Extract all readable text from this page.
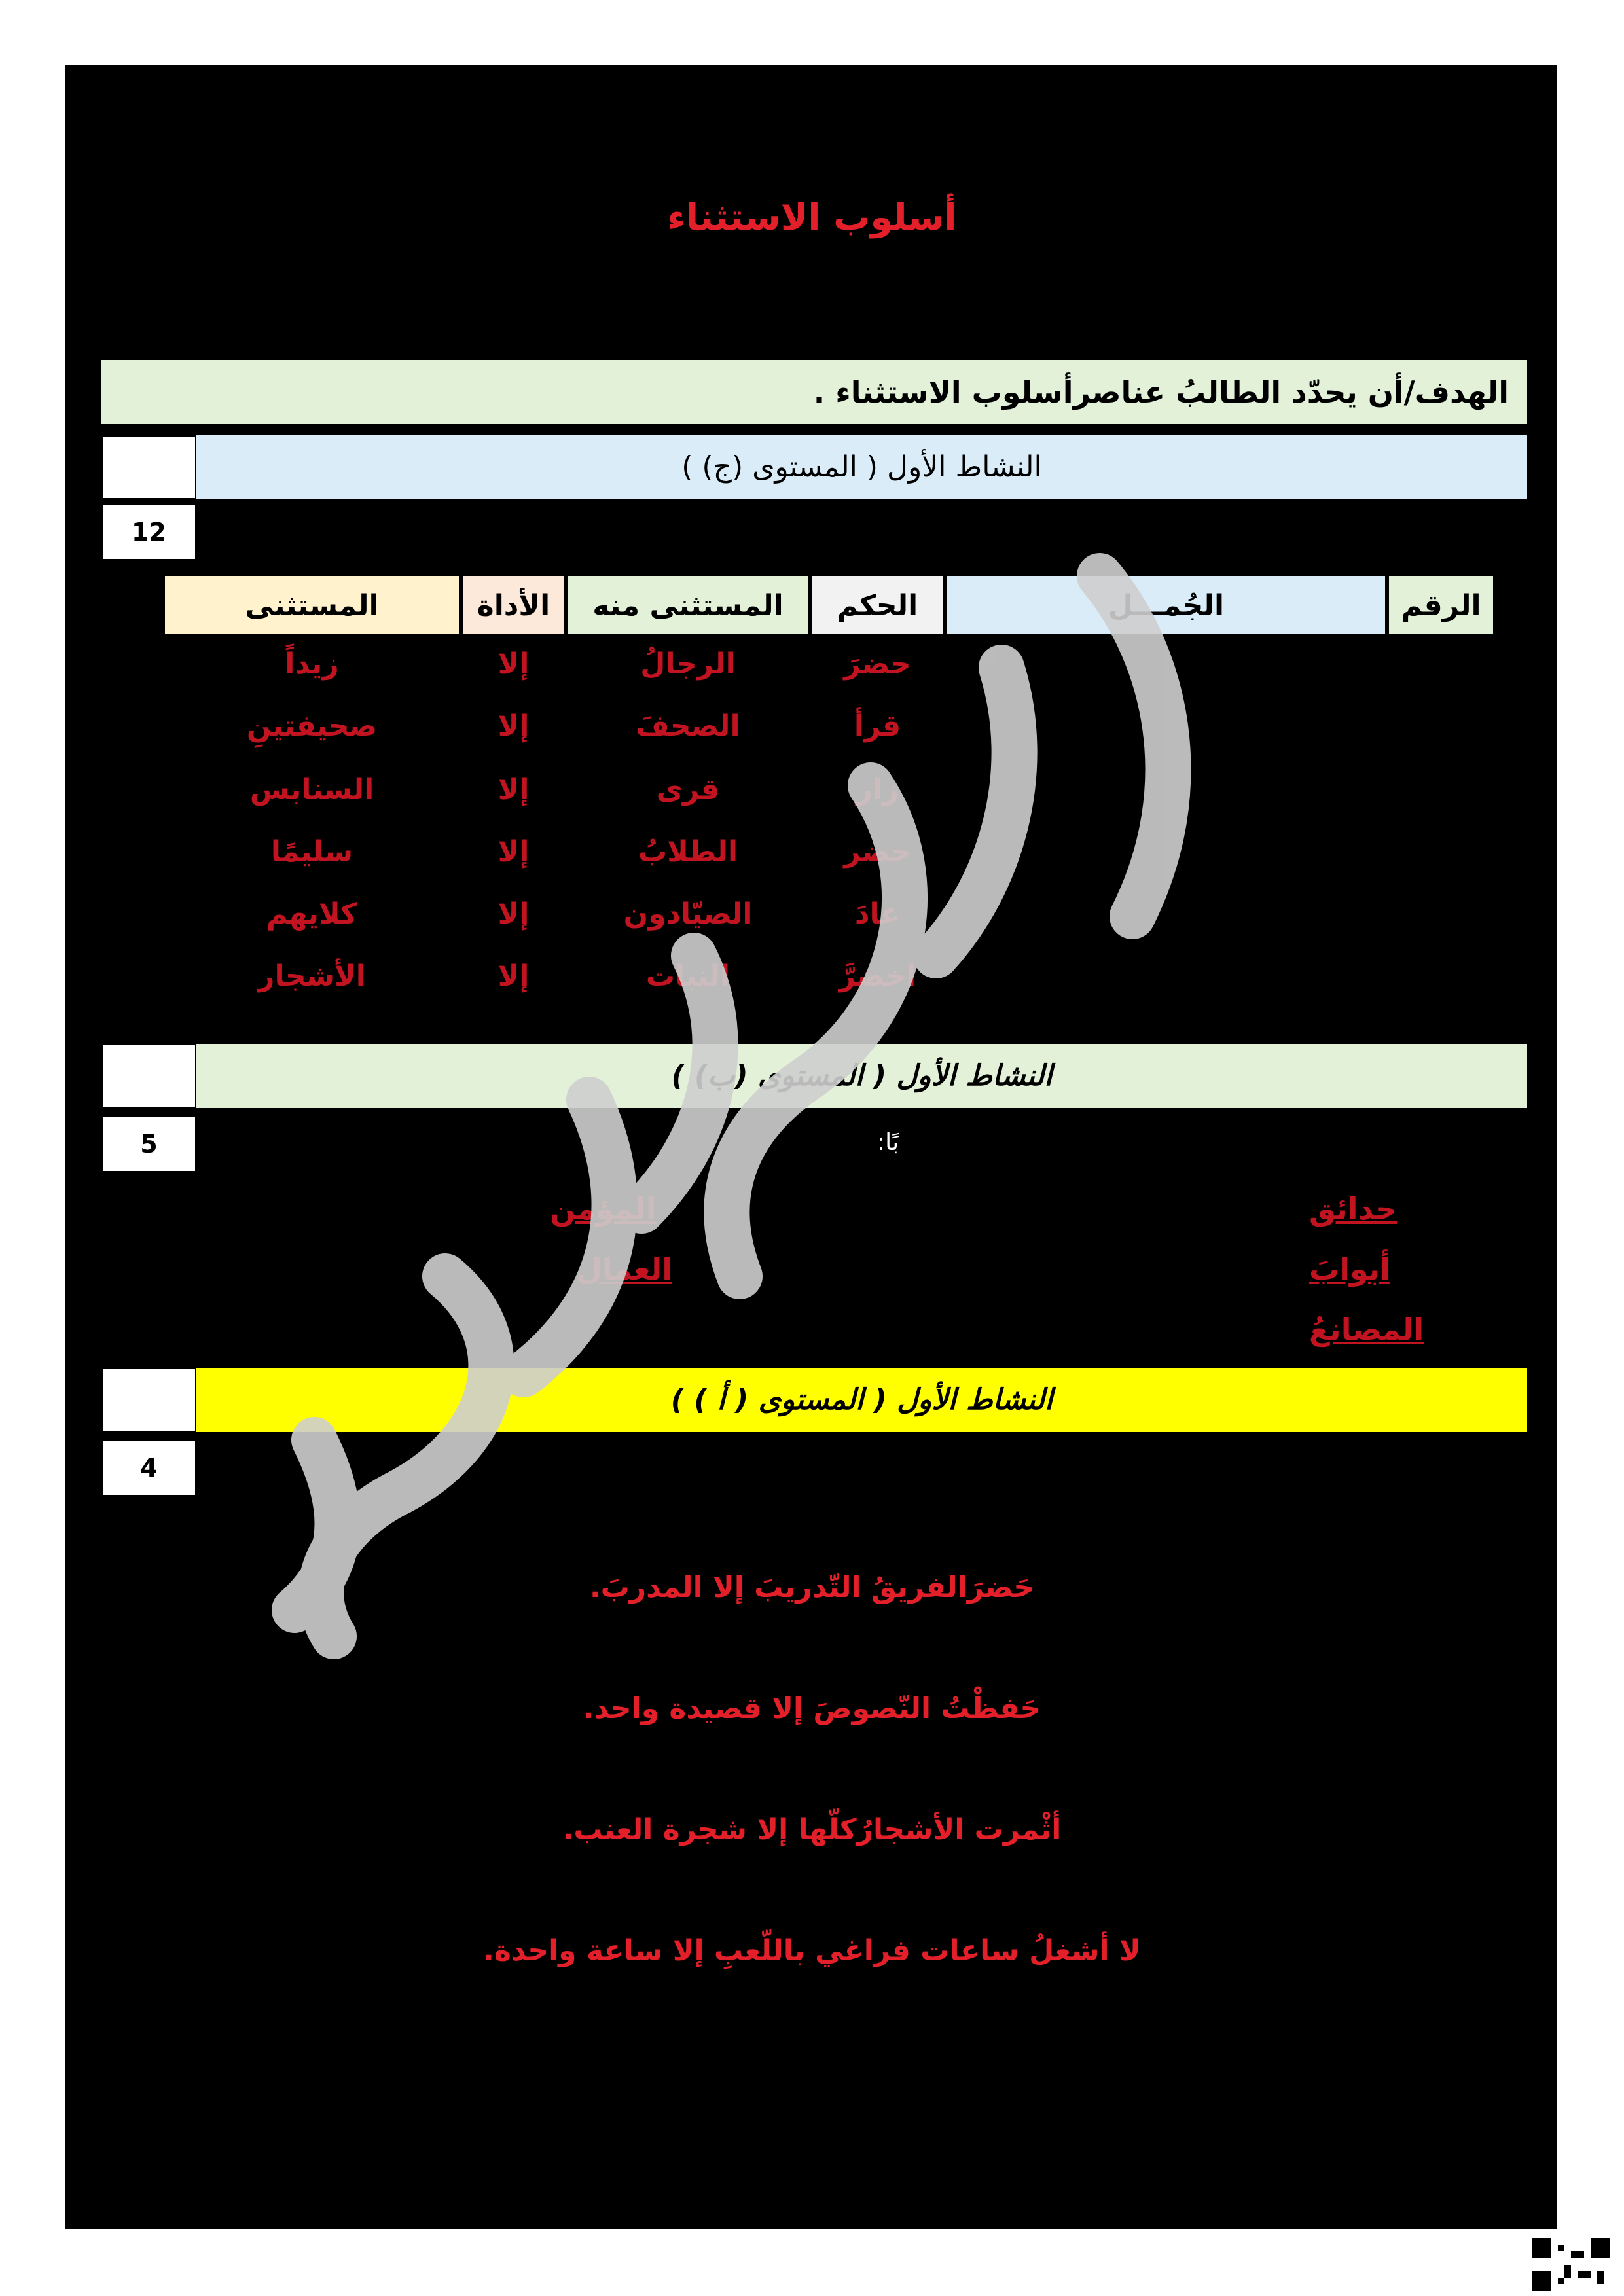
أسلوب الاستثناء
الهدف/أن يحدّد الطالبُ عناصرأسلوب الاستثناء .
النشاط الأول ( المستوى (ج) )
12
الرقم
الجُمـــل
الحكم
المستثنى منه
الأداة
المستثنى
حضرَ
الرجالُ
إلا
زيداً
قرأ
الصحفَ
إلا
صحيفتينِ
زار
قرى
إلا
السنابس
حضر
الطلابُ
إلا
سليمًا
عادَ
الصيّادون
إلا
كلايهم
اخضرَّ
النبات
إلا
الأشجار
النشاط الأول ( المستوى (ب) )
5	بًا:
حدائق
أبوابَ
المصانعُ
المؤمن
العمال
النشاط الأول ( المستوى ( أ ) )
4
حَضرَالفريقُ التّدريبَ إلا المدربَ.
حَفظْتُ النّصوصَ إلا قصيدة واحد.
أثْمرت الأشجارُكلّها إلا شجرة العنب.
لا أشغلُ ساعات فراغي باللّعبِ إلا ساعة واحدة.
